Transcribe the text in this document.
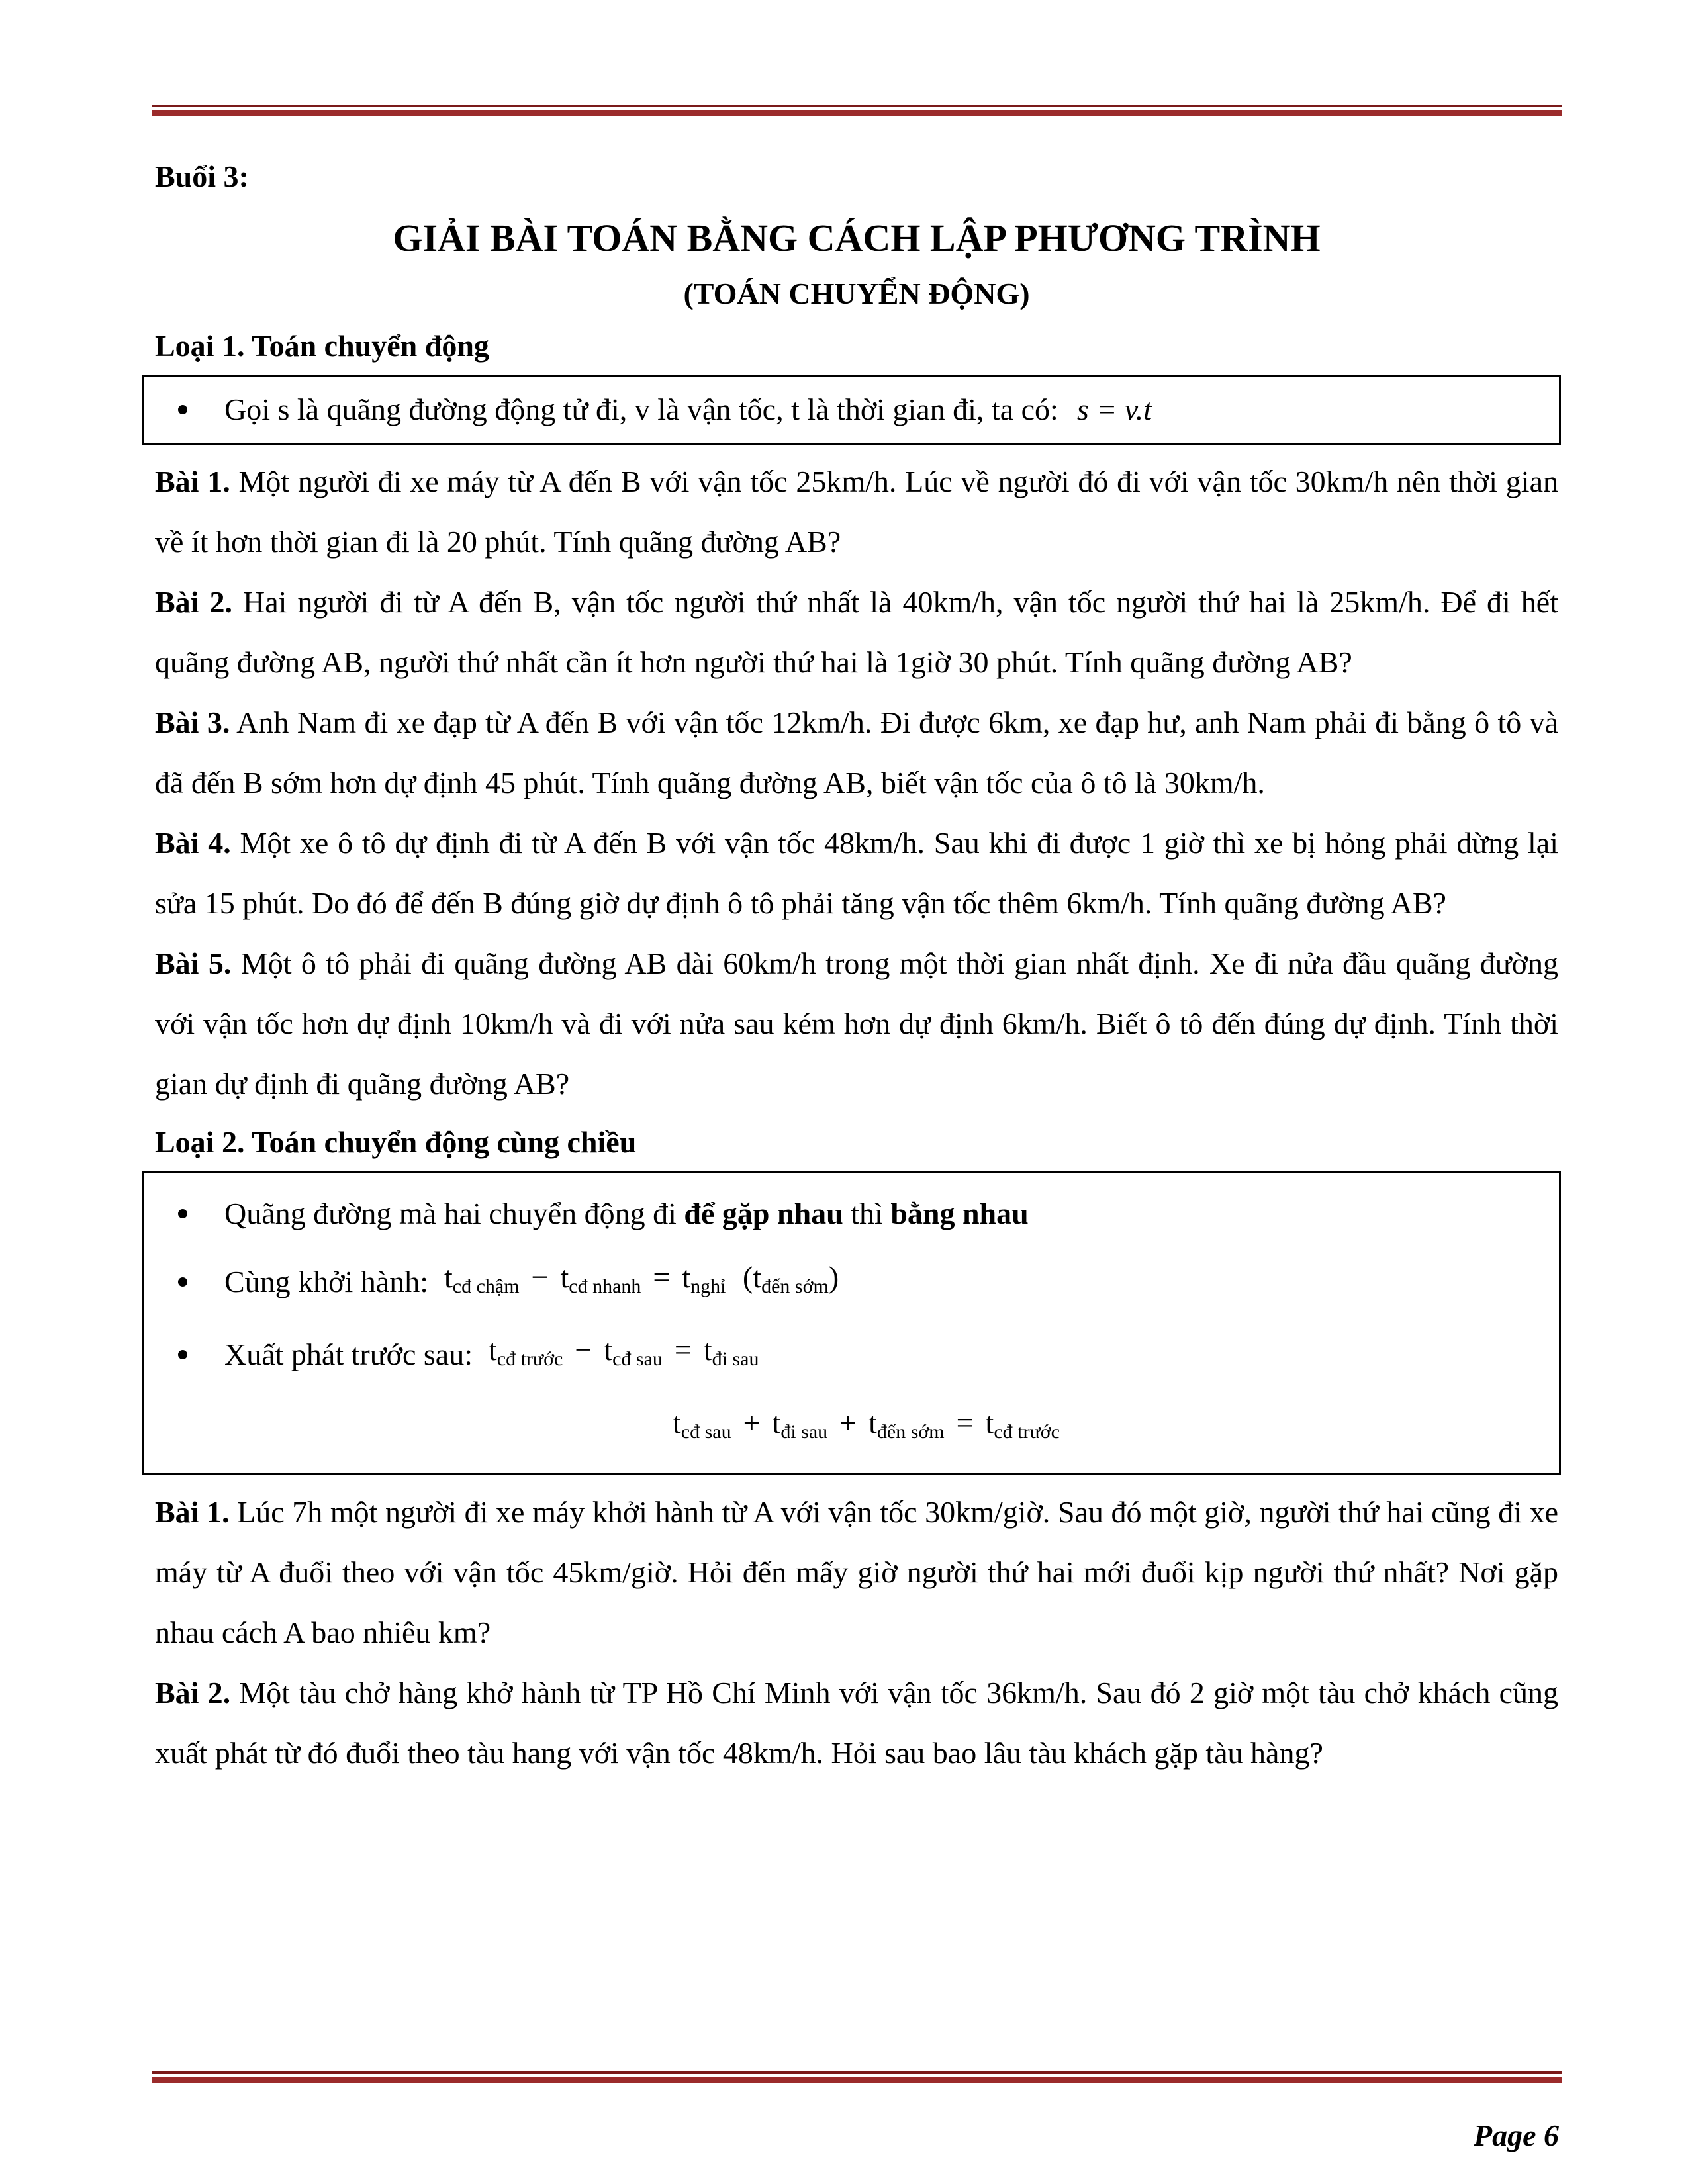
Buổi 3:

GIẢI BÀI TOÁN BẰNG CÁCH LẬP PHƯƠNG TRÌNH

(TOÁN CHUYỂN ĐỘNG)

Loại 1. Toán chuyển động

Gọi s là quãng đường động tử đi, v là vận tốc, t là thời gian đi, ta có: s = v.t

Bài 1. Một người đi xe máy từ A đến B với vận tốc 25km/h. Lúc về người đó đi với vận tốc 30km/h nên thời gian về ít hơn thời gian đi là 20 phút. Tính quãng đường AB?

Bài 2. Hai người đi từ A đến B, vận tốc người thứ nhất là 40km/h, vận tốc người thứ hai là 25km/h. Để đi hết quãng đường AB, người thứ nhất cần ít hơn người thứ hai là 1giờ 30 phút. Tính quãng đường AB?

Bài 3. Anh Nam đi xe đạp từ A đến B với vận tốc 12km/h. Đi được 6km, xe đạp hư, anh Nam phải đi bằng ô tô và đã đến B sớm hơn dự định 45 phút. Tính quãng đường AB, biết vận tốc của ô tô là 30km/h.

Bài 4. Một xe ô tô dự định đi từ A đến B với vận tốc 48km/h. Sau khi đi được 1 giờ thì xe bị hỏng phải dừng lại sửa 15 phút. Do đó để đến B đúng giờ dự định ô tô phải tăng vận tốc thêm 6km/h. Tính quãng đường AB?

Bài 5. Một ô tô phải đi quãng đường AB dài 60km/h trong một thời gian nhất định. Xe đi nửa đầu quãng đường với vận tốc hơn dự định 10km/h và đi với nửa sau kém hơn dự định 6km/h. Biết ô tô đến đúng dự định. Tính thời gian dự định đi quãng đường AB?

Loại 2. Toán chuyển động cùng chiều

Quãng đường mà hai chuyển động đi để gặp nhau thì bằng nhau

Cùng khởi hành: $t_{cđ chậm} - t_{cđ nhanh} = t_{nghỉ}$ $(t_{đến sớm})$

Xuất phát trước sau: $t_{cđ trước} - t_{cđ sau} = t_{đi sau}$

$t_{cđ sau} + t_{đi sau} + t_{đến sớm} = t_{cđ trước}$

Bài 1. Lúc 7h một người đi xe máy khởi hành từ A với vận tốc 30km/giờ. Sau đó một giờ, người thứ hai cũng đi xe máy từ A đuổi theo với vận tốc 45km/giờ. Hỏi đến mấy giờ người thứ hai mới đuổi kịp người thứ nhất? Nơi gặp nhau cách A bao nhiêu km?

Bài 2. Một tàu chở hàng khở hành từ TP Hồ Chí Minh với vận tốc 36km/h. Sau đó 2 giờ một tàu chở khách cũng xuất phát từ đó đuổi theo tàu hang với vận tốc 48km/h. Hỏi sau bao lâu tàu khách gặp tàu hàng?

Page 6
